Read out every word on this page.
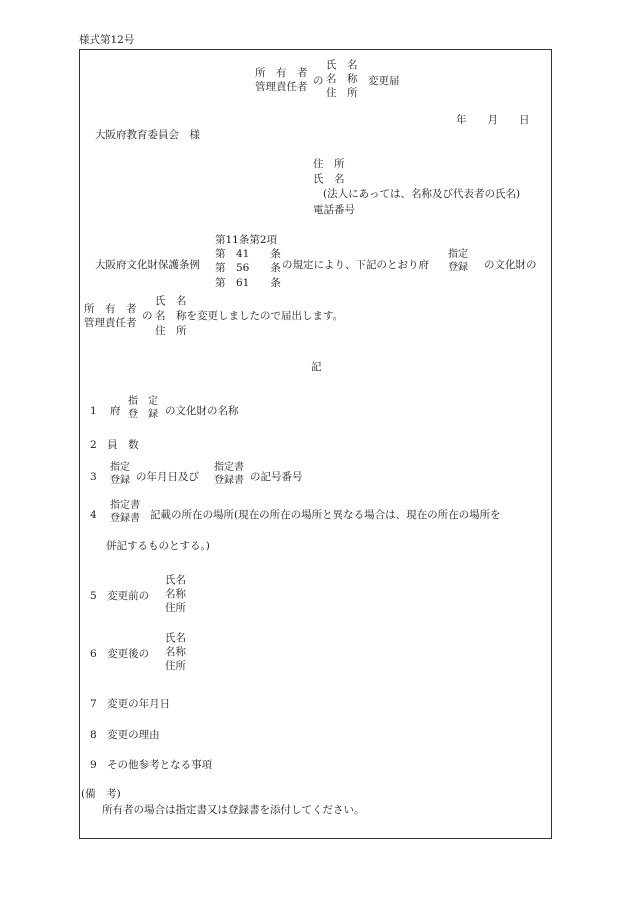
様式第12号
所　有　者
管理責任者
の
氏　名
名　称
住　所
変更届
年　　月　　日
大阪府教育委員会　様
住　所
氏　名
(法人にあっては、名称及び代表者の氏名)
電話番号
大阪府文化財保護条例
第11条第2項
第　41　　条
第　56　　条
第　61　　条
の規定により、下記のとおり府
指定
登録 の文化財の
所　有　者
管理責任者
の
氏　名
名　称を変更しましたので届出します。
住　所
記
1 府
指　定
登　録 の文化財の名称
2　員　数
3
指定
登録 の年月日及び
指定書
登録書 の記号番号
4
指定書
登録書 記載の所在の場所(現在の所在の場所と異なる場合は、現在の所在の場所を
併記するものとする。)
5　変更前の
氏名
名称
住所
6　変更後の
氏名
名称
住所
7　変更の年月日
8　変更の理由
9　その他参考となる事項
(備　考)
所有者の場合は指定書又は登録書を添付してください。
